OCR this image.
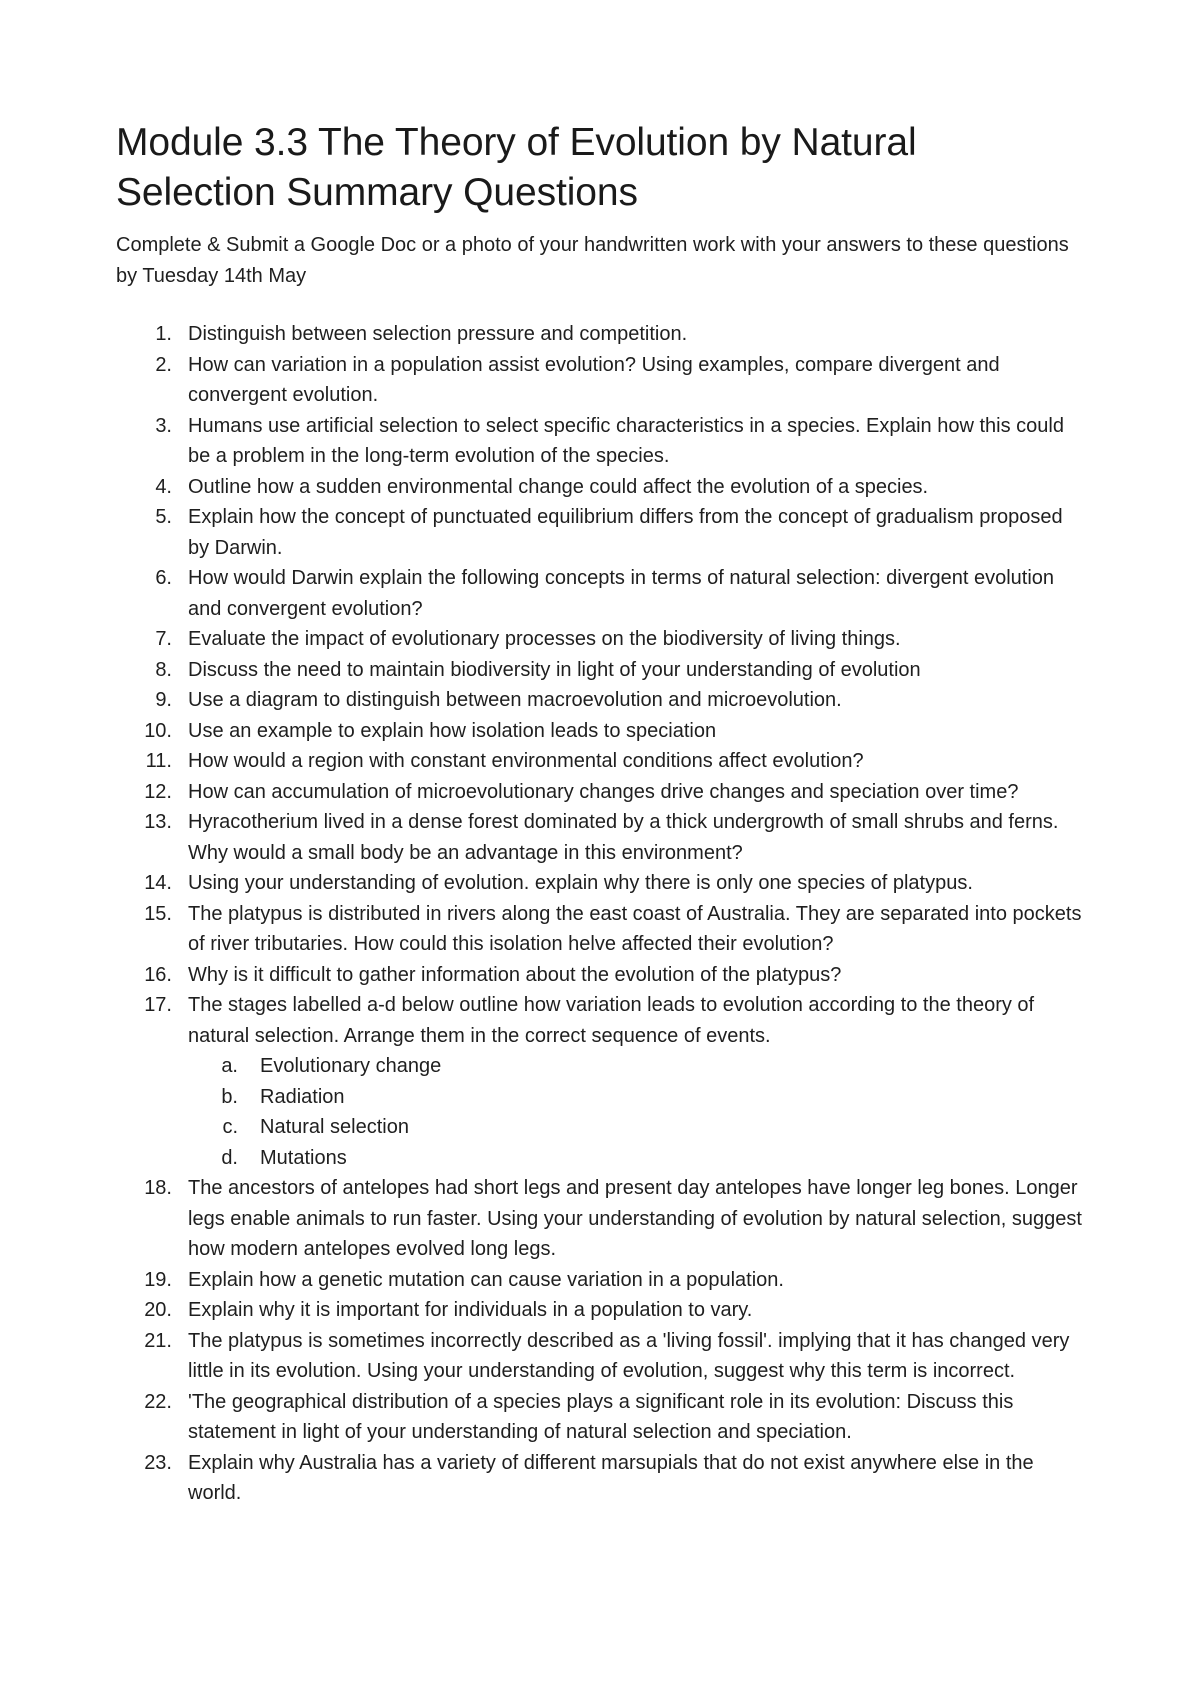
Module 3.3 The Theory of Evolution by Natural Selection Summary Questions

Complete & Submit a Google Doc or a photo of your handwritten work with your answers to these questions by Tuesday 14th May

1. Distinguish between selection pressure and competition.
2. How can variation in a population assist evolution? Using examples, compare divergent and convergent evolution.
3. Humans use artificial selection to select specific characteristics in a species. Explain how this could be a problem in the long-term evolution of the species.
4. Outline how a sudden environmental change could affect the evolution of a species.
5. Explain how the concept of punctuated equilibrium differs from the concept of gradualism proposed by Darwin.
6. How would Darwin explain the following concepts in terms of natural selection: divergent evolution and convergent evolution?
7. Evaluate the impact of evolutionary processes on the biodiversity of living things.
8. Discuss the need to maintain biodiversity in light of your understanding of evolution
9. Use a diagram to distinguish between macroevolution and microevolution.
10. Use an example to explain how isolation leads to speciation
11. How would a region with constant environmental conditions affect evolution?
12. How can accumulation of microevolutionary changes drive changes and speciation over time?
13. Hyracotherium lived in a dense forest dominated by a thick undergrowth of small shrubs and ferns. Why would a small body be an advantage in this environment?
14. Using your understanding of evolution. explain why there is only one species of platypus.
15. The platypus is distributed in rivers along the east coast of Australia. They are separated into pockets of river tributaries. How could this isolation helve affected their evolution?
16. Why is it difficult to gather information about the evolution of the platypus?
17. The stages labelled a-d below outline how variation leads to evolution according to the theory of natural selection. Arrange them in the correct sequence of events.
a. Evolutionary change
b. Radiation
c. Natural selection
d. Mutations
18. The ancestors of antelopes had short legs and present day antelopes have longer leg bones. Longer legs enable animals to run faster. Using your understanding of evolution by natural selection, suggest how modern antelopes evolved long legs.
19. Explain how a genetic mutation can cause variation in a population.
20. Explain why it is important for individuals in a population to vary.
21. The platypus is sometimes incorrectly described as a 'living fossil'. implying that it has changed very little in its evolution. Using your understanding of evolution, suggest why this term is incorrect.
22. 'The geographical distribution of a species plays a significant role in its evolution: Discuss this statement in light of your understanding of natural selection and speciation.
23. Explain why Australia has a variety of different marsupials that do not exist anywhere else in the world.
